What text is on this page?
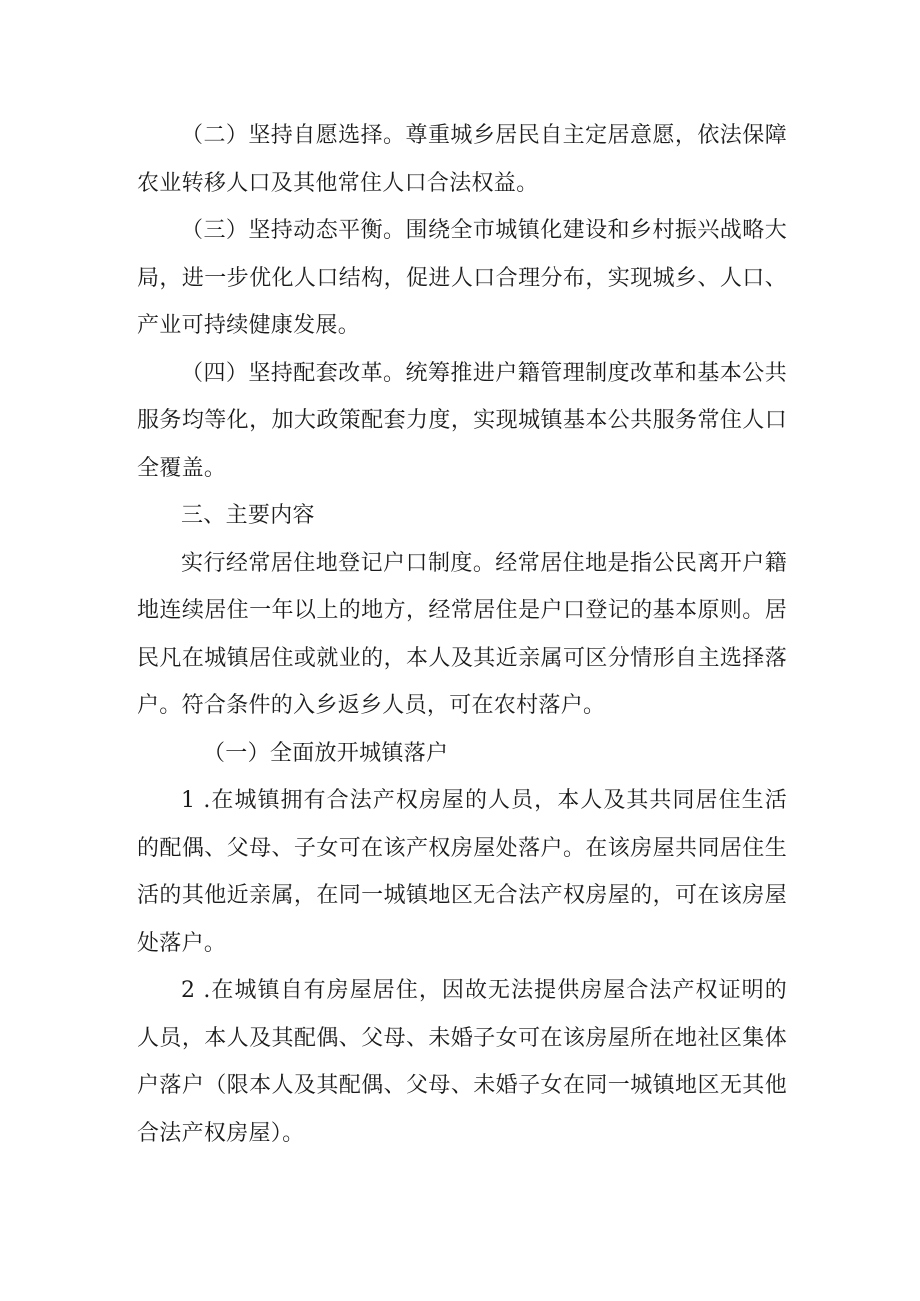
（二）坚持自愿选择。尊重城乡居民自主定居意愿，依法保障农业转移人口及其他常住人口合法权益。

（三）坚持动态平衡。围绕全市城镇化建设和乡村振兴战略大局，进一步优化人口结构，促进人口合理分布，实现城乡、人口、产业可持续健康发展。

（四）坚持配套改革。统筹推进户籍管理制度改革和基本公共服务均等化，加大政策配套力度，实现城镇基本公共服务常住人口全覆盖。

三、主要内容

实行经常居住地登记户口制度。经常居住地是指公民离开户籍地连续居住一年以上的地方，经常居住是户口登记的基本原则。居民凡在城镇居住或就业的，本人及其近亲属可区分情形自主选择落户。符合条件的入乡返乡人员，可在农村落户。

（一）全面放开城镇落户

1 .在城镇拥有合法产权房屋的人员，本人及其共同居住生活的配偶、父母、子女可在该产权房屋处落户。在该房屋共同居住生活的其他近亲属，在同一城镇地区无合法产权房屋的，可在该房屋处落户。

2 .在城镇自有房屋居住，因故无法提供房屋合法产权证明的人员，本人及其配偶、父母、未婚子女可在该房屋所在地社区集体户落户（限本人及其配偶、父母、未婚子女在同一城镇地区无其他合法产权房屋）。
